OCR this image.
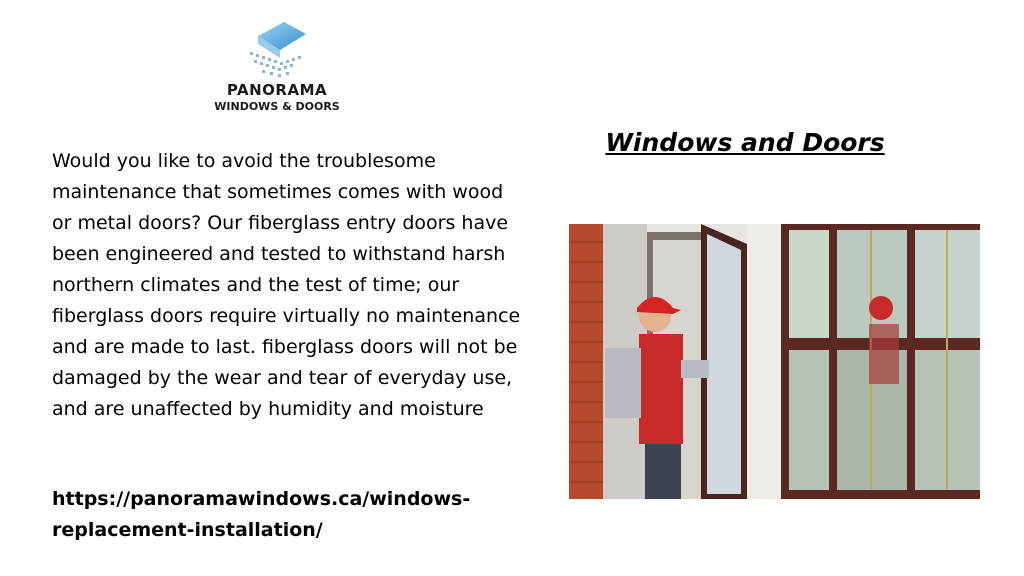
PANORAMA
WINDOWS & DOORS

Would you like to avoid the troublesome maintenance that sometimes comes with wood or metal doors? Our fiberglass entry doors have been engineered and tested to withstand harsh northern climates and the test of time; our fiberglass doors require virtually no maintenance and are made to last. fiberglass doors will not be damaged by the wear and tear of everyday use, and are unaffected by humidity and moisture

https://panoramawindows.ca/windows-replacement-installation/

Windows and Doors
